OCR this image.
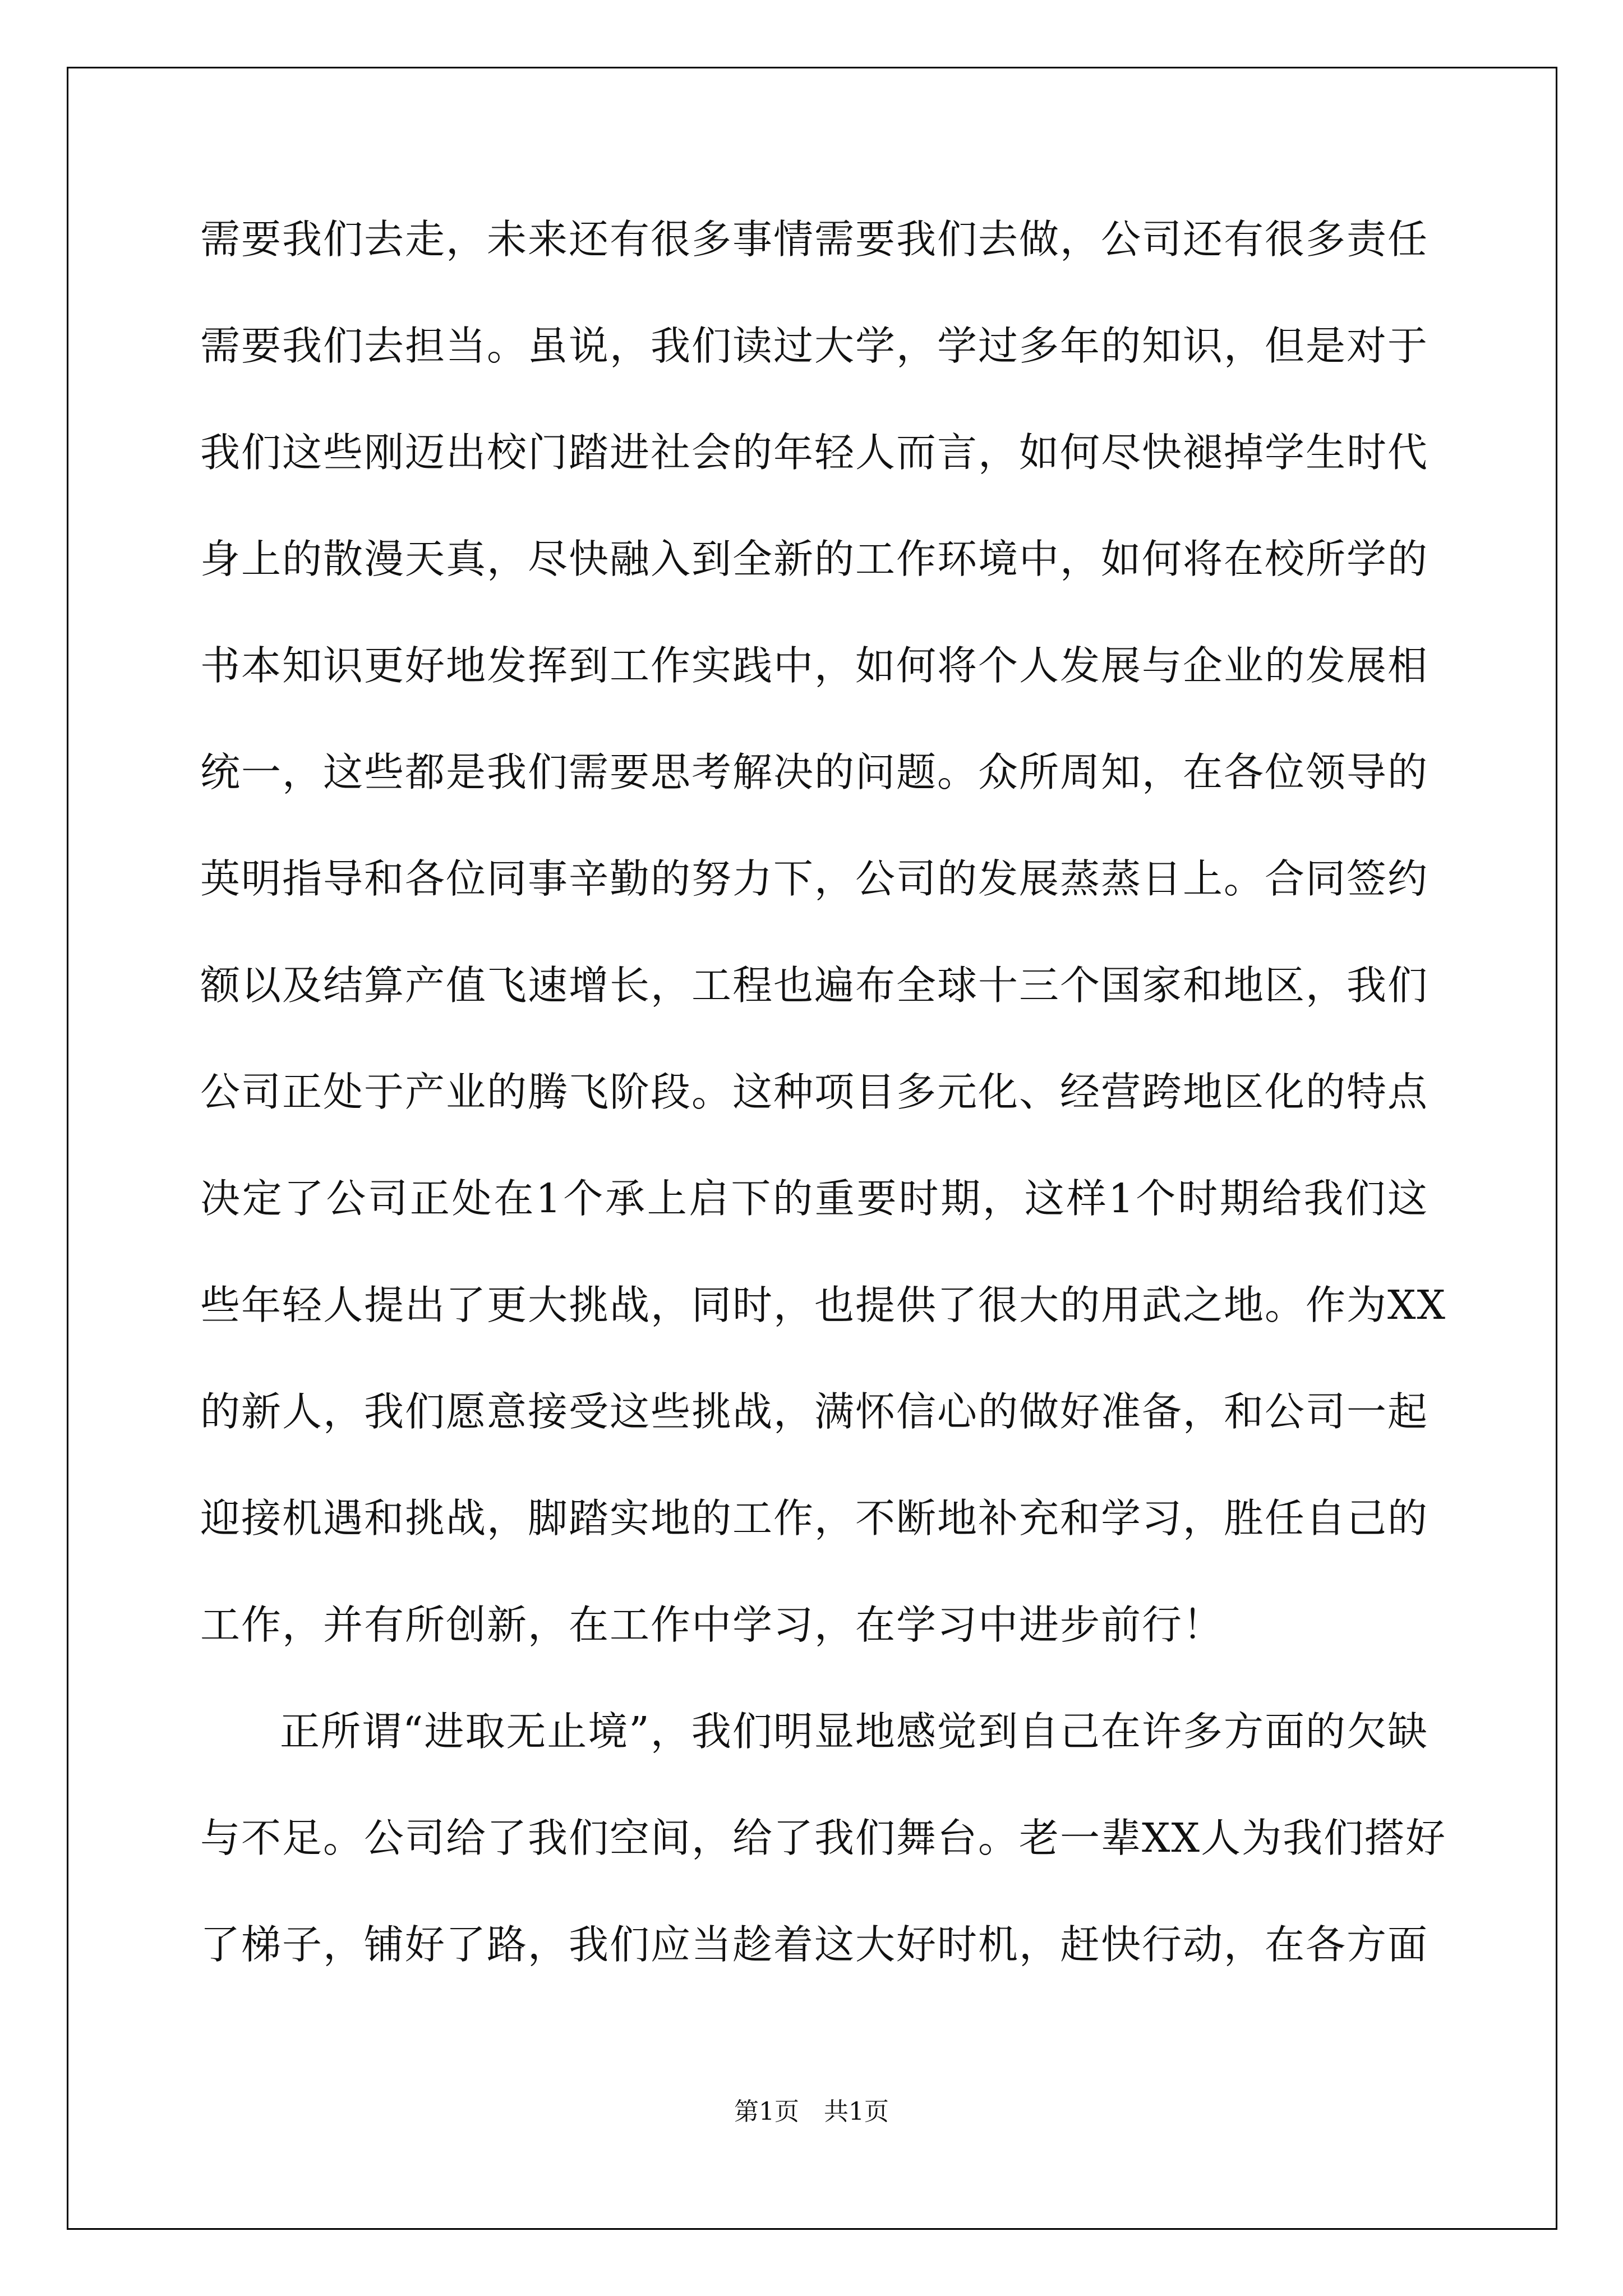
需要我们去走，未来还有很多事情需要我们去做，公司还有很多责任
需要我们去担当。虽说，我们读过大学，学过多年的知识，但是对于
我们这些刚迈出校门踏进社会的年轻人而言，如何尽快褪掉学生时代
身上的散漫天真，尽快融入到全新的工作环境中，如何将在校所学的
书本知识更好地发挥到工作实践中，如何将个人发展与企业的发展相
统一，这些都是我们需要思考解决的问题。众所周知，在各位领导的
英明指导和各位同事辛勤的努力下，公司的发展蒸蒸日上。合同签约
额以及结算产值飞速增长，工程也遍布全球十三个国家和地区，我们
公司正处于产业的腾飞阶段。这种项目多元化、经营跨地区化的特点
决定了公司正处在1个承上启下的重要时期，这样1个时期给我们这
些年轻人提出了更大挑战，同时，也提供了很大的用武之地。作为XX
的新人，我们愿意接受这些挑战，满怀信心的做好准备，和公司一起
迎接机遇和挑战，脚踏实地的工作，不断地补充和学习，胜任自己的
工作，并有所创新，在工作中学习，在学习中进步前行！
正所谓“进取无止境”，我们明显地感觉到自己在许多方面的欠缺
与不足。公司给了我们空间，给了我们舞台。老一辈XX人为我们搭好
了梯子，铺好了路，我们应当趁着这大好时机，赶快行动，在各方面
第1页 共1页
